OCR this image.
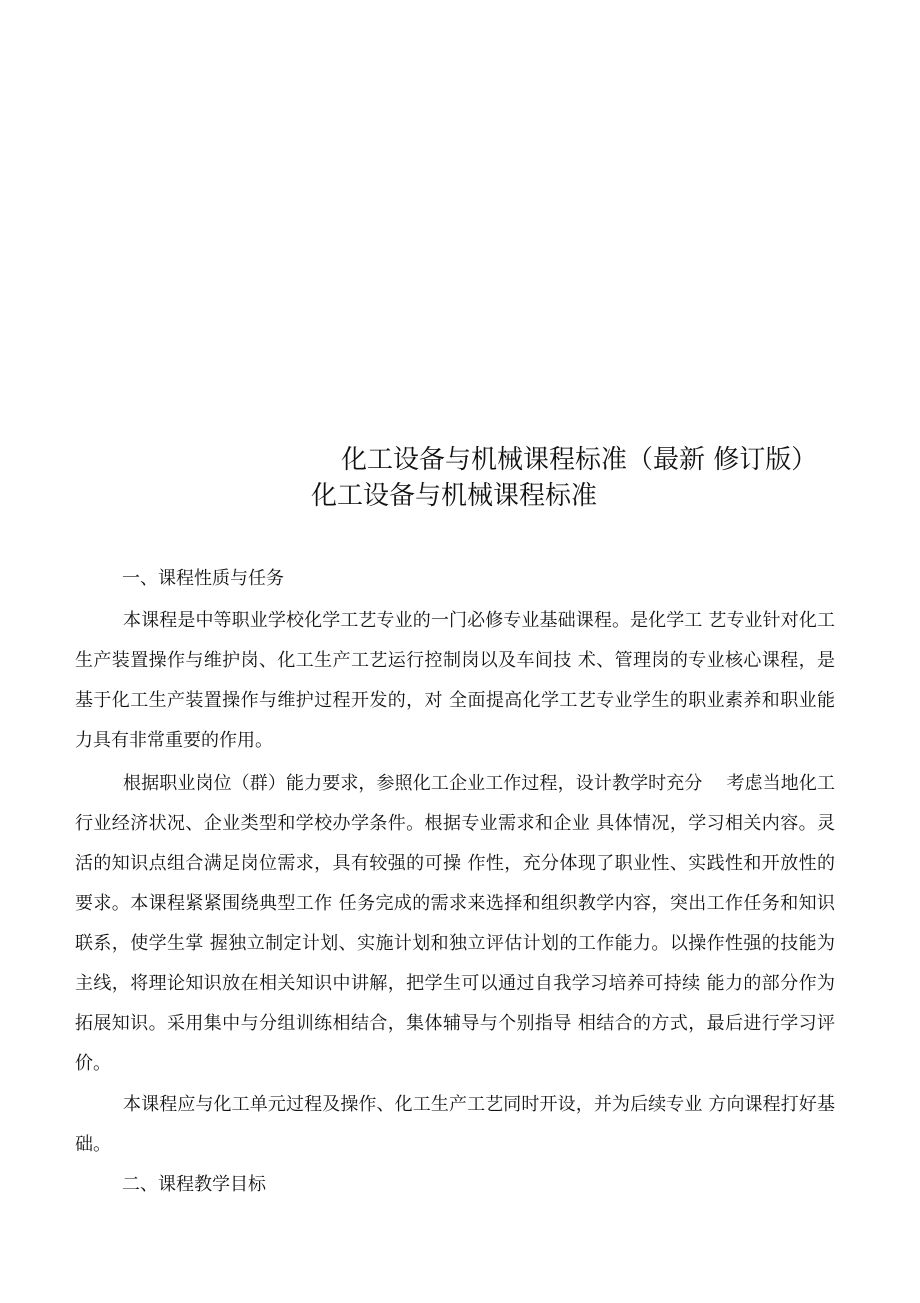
化工设备与机械课程标准（最新 修订版）
化工设备与机械课程标准
一、课程性质与任务
本课程是中等职业学校化学工艺专业的一门必修专业基础课程。是化学工 艺专业针对化工生产装置操作与维护岗、化工生产工艺运行控制岗以及车间技 术、管理岗的专业核心课程，是基于化工生产装置操作与维护过程开发的，对 全面提高化学工艺专业学生的职业素养和职业能力具有非常重要的作用。
根据职业岗位（群）能力要求，参照化工企业工作过程，设计教学时充分　 考虑当地化工行业经济状况、企业类型和学校办学条件。根据专业需求和企业 具体情况，学习相关内容。灵活的知识点组合满足岗位需求，具有较强的可操 作性，充分体现了职业性、实践性和开放性的要求。本课程紧紧围绕典型工作 任务完成的需求来选择和组织教学内容，突出工作任务和知识联系，使学生掌 握独立制定计划、实施计划和独立评估计划的工作能力。以操作性强的技能为 主线，将理论知识放在相关知识中讲解，把学生可以通过自我学习培养可持续 能力的部分作为拓展知识。采用集中与分组训练相结合，集体辅导与个别指导 相结合的方式，最后进行学习评价。
本课程应与化工单元过程及操作、化工生产工艺同时开设，并为后续专业 方向课程打好基础。
二、课程教学目标
